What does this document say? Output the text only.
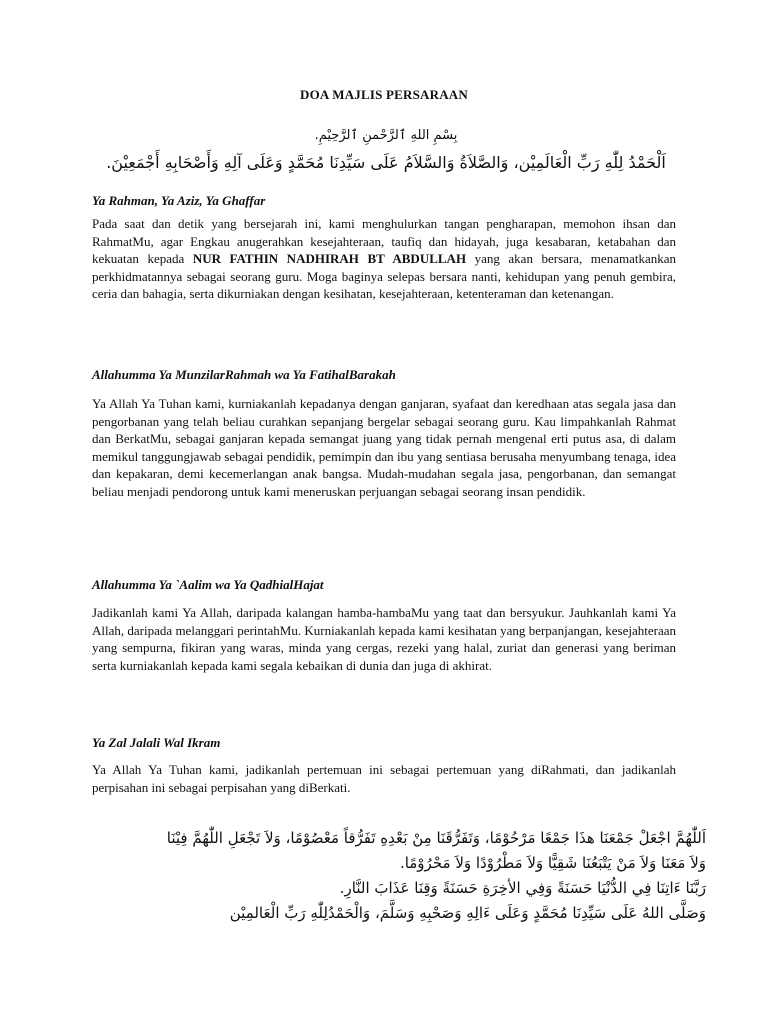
DOA MAJLIS PERSARAAN
بِسْمِ اللهِ ٱلرَّحْمنِ ٱلرَّحِيْمِ.
اَلْحَمْدُ لِلّٰهِ رَبِّ الْعَالَمِيْن، وَالصَّلاَةُ وَالسَّلاَمُ عَلَى سَيِّدِنَا مُحَمَّدٍ وَعَلَى آلِهِ وَأَصْحَابِهِ أَجْمَعِيْنَ.
Ya Rahman, Ya Aziz, Ya Ghaffar
Pada saat dan detik yang bersejarah ini, kami menghulurkan tangan pengharapan, memohon ihsan dan RahmatMu, agar Engkau anugerahkan kesejahteraan, taufiq dan hidayah, juga kesabaran, ketabahan dan kekuatan kepada NUR FATHIN NADHIRAH BT ABDULLAH yang akan bersara, menamatkankan perkhidmatannya sebagai seorang guru. Moga baginya selepas bersara nanti, kehidupan yang penuh gembira, ceria dan bahagia, serta dikurniakan dengan kesihatan, kesejahteraan, ketenteraman dan ketenangan.
Allahumma Ya MunzilarRahmah wa Ya FatihalBarakah
Ya Allah Ya Tuhan kami, kurniakanlah kepadanya dengan ganjaran, syafaat dan keredhaan atas segala jasa dan pengorbanan yang telah beliau curahkan sepanjang bergelar sebagai seorang guru. Kau limpahkanlah Rahmat dan BerkatMu, sebagai ganjaran kepada semangat juang yang tidak pernah mengenal erti putus asa, di dalam memikul tanggungjawab sebagai pendidik, pemimpin dan ibu yang sentiasa berusaha menyumbang tenaga, idea dan kepakaran, demi kecemerlangan anak bangsa. Mudah-mudahan segala jasa, pengorbanan, dan semangat beliau menjadi pendorong untuk kami meneruskan perjuangan sebagai seorang insan pendidik.
Allahumma Ya `Aalim wa Ya QadhialHajat
Jadikanlah kami Ya Allah, daripada kalangan hamba-hambaMu yang taat dan bersyukur. Jauhkanlah kami Ya Allah, daripada melanggari perintahMu. Kurniakanlah kepada kami kesihatan yang berpanjangan, kesejahteraan yang sempurna, fikiran yang waras, minda yang cergas, rezeki yang halal, zuriat dan generasi yang beriman serta kurniakanlah kepada kami segala kebaikan di dunia dan juga di akhirat.
Ya Zal Jalali Wal Ikram
Ya Allah Ya Tuhan kami, jadikanlah pertemuan ini sebagai pertemuan yang diRahmati, dan jadikanlah perpisahan ini sebagai perpisahan yang diBerkati.
اَللّٰهُمَّ اجْعَلْ جَمْعَنَا هذَا جَمْعًا مَرْحُوْمًا، وَتَفَرُّقَنَا مِنْ بَعْدِهِ تَفَرُّقاً مَعْصُوْمًا، وَلاَ تَجْعَلِ اللّٰهُمَّ فِيْنَا
وَلاَ مَعَنَا وَلاَ مَنْ يَتْبَعُنَا شَقِيًّا وَلاَ مَطْرُوْدًا وَلاَ مَحْرُوْمًا.
رَبَّنَا ءَاتِنَا فِي الدُّنْيَا حَسَنَةً وَفِي الأخِرَةِ حَسَنَةً وَقِنَا عَذَابَ النَّارِ.
وَصَلَّى اللهُ عَلَى سَيِّدِنَا مُحَمَّدٍ وَعَلَى ءَالِهِ وَصَحْبِهِ وَسَلَّمَ، وَالْحَمْدُلِلّٰهِ رَبِّ الْعَالمِيْن
